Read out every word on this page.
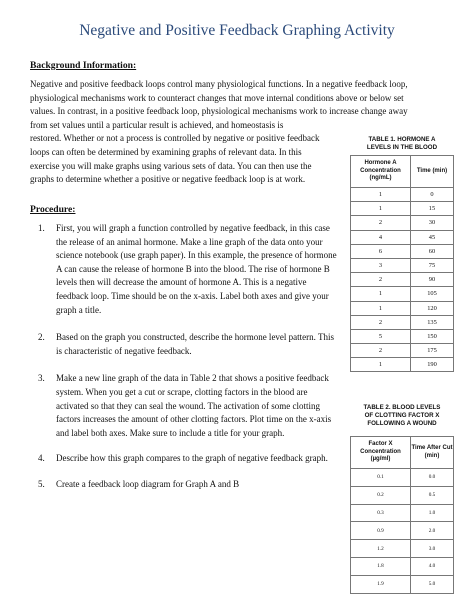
Negative and Positive Feedback Graphing Activity
Background Information:
Negative and positive feedback loops control many physiological functions. In a negative feedback loop,
physiological mechanisms work to counteract changes that move internal conditions above or below set
values. In contrast, in a positive feedback loop, physiological mechanisms work to increase change away
from set values until a particular result is achieved, and homeostasis is
restored. Whether or not a process is controlled by negative or positive feedback loops can often be determined by examining graphs of relevant data. In this exercise you will make graphs using various sets of data. You can then use the graphs to determine whether a positive or negative feedback loop is at work.
Procedure:
1. First, you will graph a function controlled by negative feedback, in this case the release of an animal hormone. Make a line graph of the data onto your science notebook (use graph paper). In this example, the presence of hormone A can cause the release of hormone B into the blood. The rise of hormone B levels then will decrease the amount of hormone A. This is a negative feedback loop. Time should be on the x-axis. Label both axes and give your graph a title.
2. Based on the graph you constructed, describe the hormone level pattern. This is characteristic of negative feedback.
3. Make a new line graph of the data in Table 2 that shows a positive feedback system. When you get a cut or scrape, clotting factors in the blood are activated so that they can seal the wound. The activation of some clotting factors increases the amount of other clotting factors. Plot time on the x-axis and label both axes. Make sure to include a title for your graph.
4. Describe how this graph compares to the graph of negative feedback graph.
5. Create a feedback loop diagram for Graph A and B
TABLE 1. HORMONE A
LEVELS IN THE BLOOD
Hormone A Concentration (ng/mL)	Time (min)
1	0
1	15
2	30
4	45
6	60
3	75
2	90
1	105
1	120
2	135
5	150
2	175
1	190
TABLE 2. BLOOD LEVELS
OF CLOTTING FACTOR X
FOLLOWING A WOUND
Factor X Concentration (µg/ml)	Time After Cut (min)
0.1	0.0
0.2	0.5
0.3	1.0
0.9	2.0
1.2	3.0
1.8	4.0
1.9	5.0
